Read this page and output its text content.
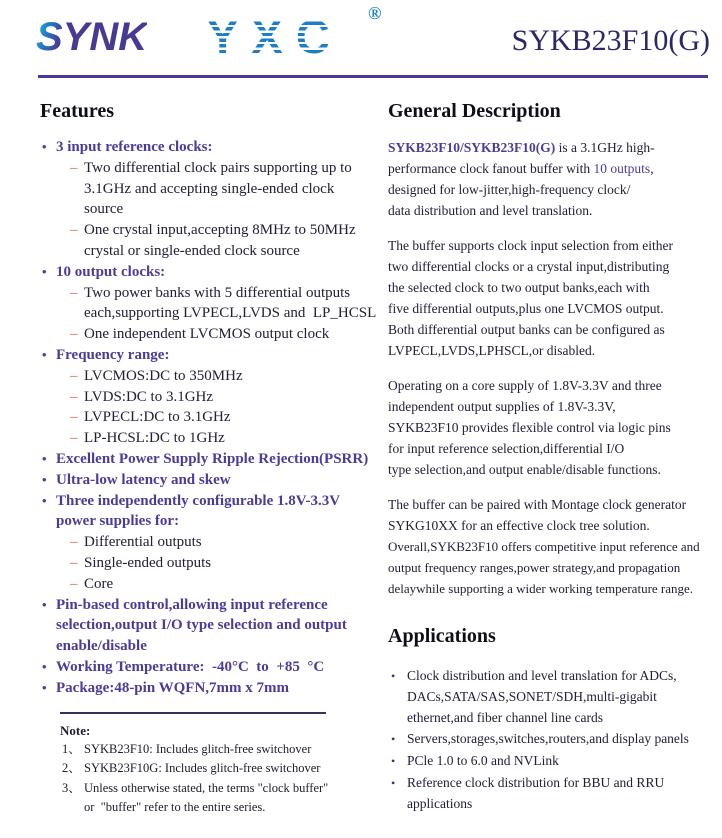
SYNK YXC ®
SYKB23F10(G)
Features
• 3 input reference clocks:
– Two differential clock pairs supporting up to
3.1GHz and accepting single-ended clock
source
– One crystal input,accepting 8MHz to 50MHz
crystal or single-ended clock source
• 10 output clocks:
– Two power banks with 5 differential outputs
each,supporting LVPECL,LVDS and  LP_HCSL
– One independent LVCMOS output clock
• Frequency range:
– LVCMOS:DC to 350MHz
– LVDS:DC to 3.1GHz
– LVPECL:DC to 3.1GHz
– LP-HCSL:DC to 1GHz
• Excellent Power Supply Ripple Rejection(PSRR)
• Ultra-low latency and skew
• Three independently configurable 1.8V-3.3V
power supplies for:
– Differential outputs
– Single-ended outputs
– Core
• Pin-based control,allowing input reference
selection,output I/O type selection and output
enable/disable
• Working Temperature:  -40°C  to  +85  °C
• Package:48-pin WQFN,7mm x 7mm
Note:
1、 SYKB23F10: Includes glitch-free switchover
2、 SYKB23F10G: Includes glitch-free switchover
3、 Unless otherwise stated, the terms "clock buffer"
or  "buffer" refer to the entire series.
General Description
SYKB23F10/SYKB23F10(G) is a 3.1GHz high-
performance clock fanout buffer with 10 outputs,
designed for low-jitter,high-frequency clock/
data distribution and level translation.
The buffer supports clock input selection from either
two differential clocks or a crystal input,distributing
the selected clock to two output banks,each with
five differential outputs,plus one LVCMOS output.
Both differential output banks can be configured as
LVPECL,LVDS,LPHSCL,or disabled.
Operating on a core supply of 1.8V-3.3V and three
independent output supplies of 1.8V-3.3V,
SYKB23F10 provides flexible control via logic pins
for input reference selection,differential I/O
type selection,and output enable/disable functions.
The buffer can be paired with Montage clock generator
SYKG10XX for an effective clock tree solution.
Overall,SYKB23F10 offers competitive input reference and
output frequency ranges,power strategy,and propagation
delaywhile supporting a wider working temperature range.
Applications
• Clock distribution and level translation for ADCs,
DACs,SATA/SAS,SONET/SDH,multi-gigabit
ethernet,and fiber channel line cards
• Servers,storages,switches,routers,and display panels
• PCle 1.0 to 6.0 and NVLink
• Reference clock distribution for BBU and RRU
applications
